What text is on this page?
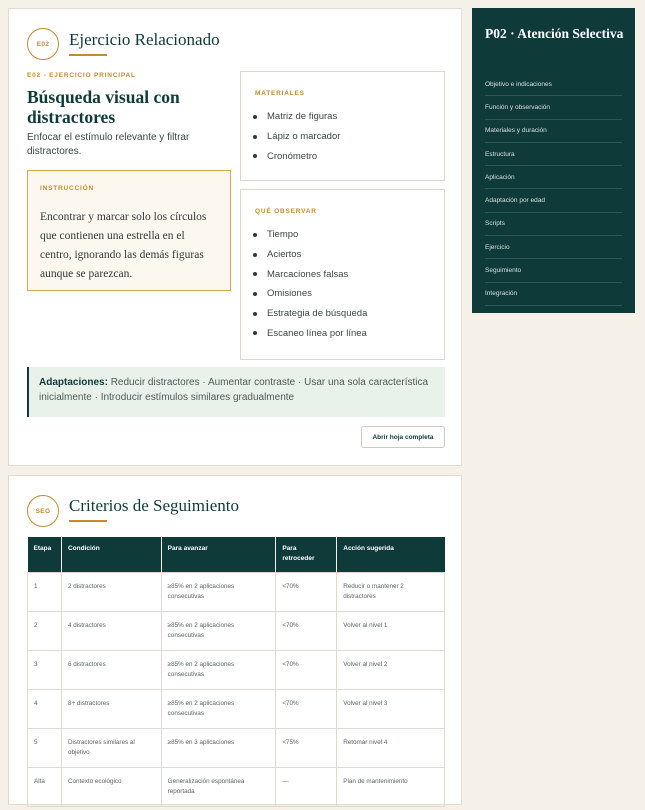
E02	Ejercicio Relacionado
E02 - EJERCICIO PRINCIPAL
Búsqueda visual con distractores
Enfocar el estímulo relevante y filtrar distractores.
INSTRUCCIÓN
Encontrar y marcar solo los círculos que contienen una estrella en el centro, ignorando las demás figuras aunque se parezcan.
MATERIALES
Matriz de figuras
Lápiz o marcador
Cronómetro
QUÉ OBSERVAR
Tiempo
Aciertos
Marcaciones falsas
Omisiones
Estrategia de búsqueda
Escaneo línea por línea
Adaptaciones: Reducir distractores · Aumentar contraste · Usar una sola característica inicialmente · Introducir estímulos similares gradualmente
Abrir hoja completa
SEG	Criterios de Seguimiento
Etapa	Condición	Para avanzar	Para retroceder	Acción sugerida
1	2 distractores	≥85% en 2 aplicaciones consecutivas	<70%	Reducir o mantener 2 distractores
2	4 distractores	≥85% en 2 aplicaciones consecutivas	<70%	Volver al nivel 1
3	6 distractores	≥85% en 2 aplicaciones consecutivas	<70%	Volver al nivel 2
4	8+ distractores	≥85% en 2 aplicaciones consecutivas	<70%	Volver al nivel 3
5	Distractores similares al objetivo	≥85% en 3 aplicaciones	<75%	Retomar nivel 4
Alta	Contexto ecológico	Generalización espontánea reportada	—	Plan de mantenimiento
P02 · Atención Selectiva
Objetivo e indicaciones
Función y observación
Materiales y duración
Estructura
Aplicación
Adaptación por edad
Scripts
Ejercicio
Seguimiento
Integración
